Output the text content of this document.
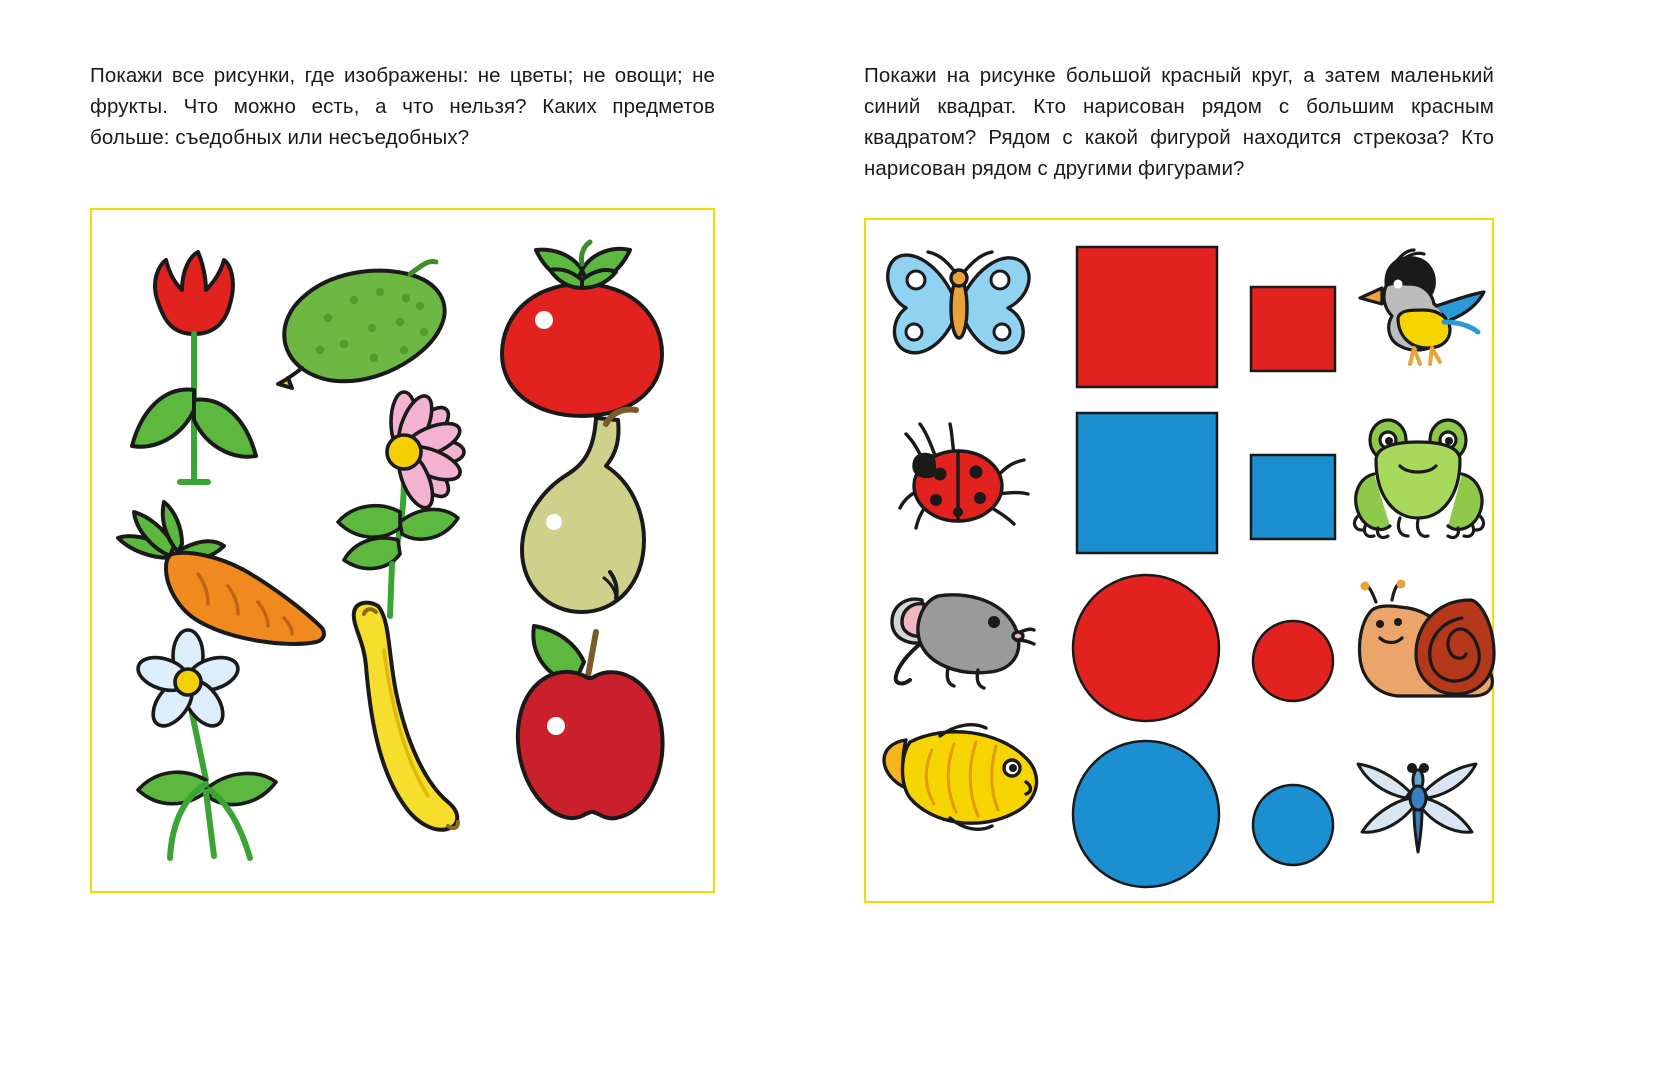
Покажи все рисунки, где изображены: не цветы; не овощи; не фрукты. Что можно есть, а что нельзя? Каких предметов больше: съедобных или несъедобных?
Покажи на рисунке большой красный круг, а затем маленький синий квадрат. Кто нарисован рядом с большим красным квадратом? Рядом с какой фигурой находится стрекоза? Кто нарисован рядом с другими фигурами?
